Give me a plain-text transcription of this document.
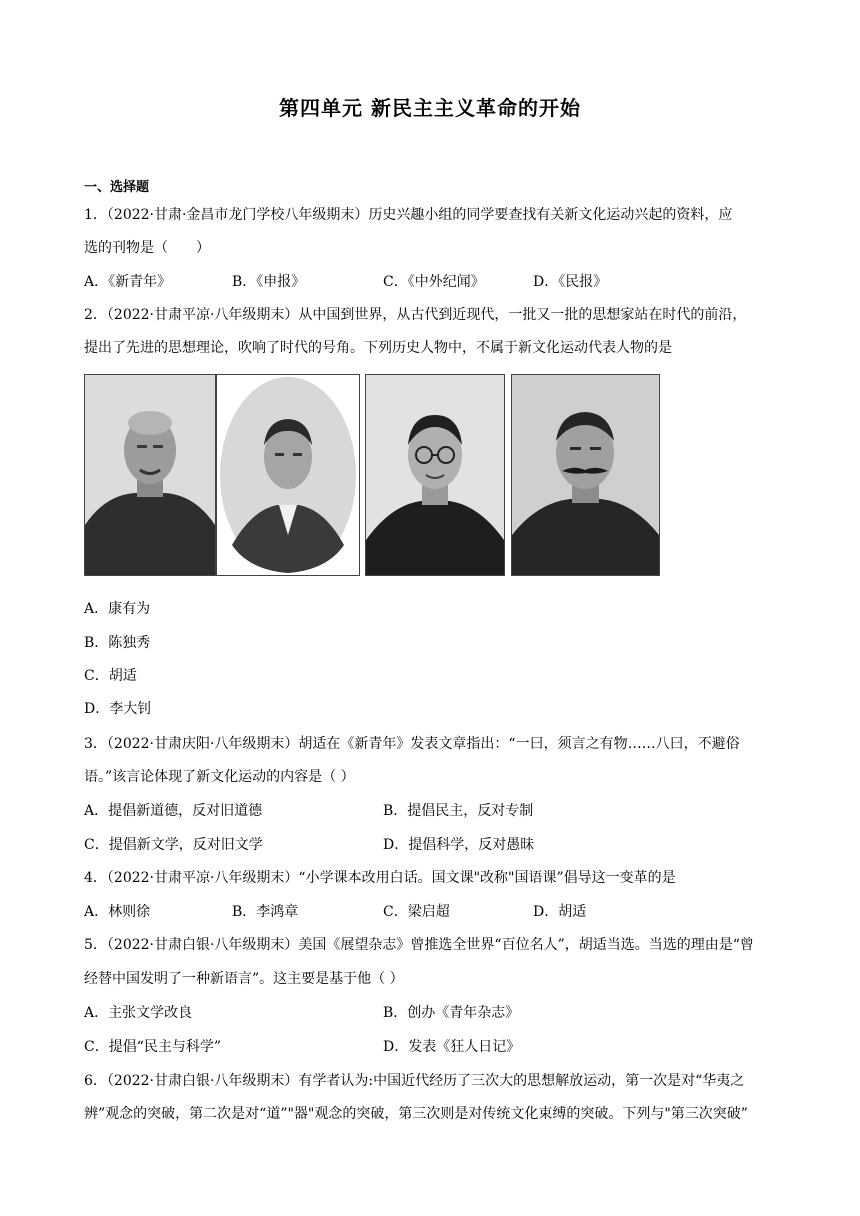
第四单元 新民主主义革命的开始
一、选择题
1．（2022·甘肃·金昌市龙门学校八年级期末）历史兴趣小组的同学要查找有关新文化运动兴起的资料，应
选的刊物是（　　）
A．《新青年》	B．《申报》	C．《中外纪闻》	D．《民报》
2．（2022·甘肃平凉·八年级期末）从中国到世界，从古代到近现代，一批又一批的思想家站在时代的前沿，
提出了先进的思想理论，吹响了时代的号角。下列历史人物中，不属于新文化运动代表人物的是
A．康有为
B．陈独秀
C．胡适
D．李大钊
3．（2022·甘肃庆阳·八年级期末）胡适在《新青年》发表文章指出：“一曰，须言之有物……八曰，不避俗
语。”该言论体现了新文化运动的内容是（ ）
A．提倡新道德，反对旧道德	B．提倡民主，反对专制
C．提倡新文学，反对旧文学	D．提倡科学，反对愚昧
4．（2022·甘肃平凉·八年级期末）“小学课本改用白话。国文课"改称"国语课”倡导这一变革的是
A．林则徐	B．李鸿章	C．梁启超	D．胡适
5．（2022·甘肃白银·八年级期末）美国《展望杂志》曾推选全世界“百位名人”，胡适当选。当选的理由是“曾
经替中国发明了一种新语言”。这主要是基于他（ ）
A．主张文学改良	B．创办《青年杂志》
C．提倡“民主与科学”	D．发表《狂人日记》
6．（2022·甘肃白银·八年级期末）有学者认为:中国近代经历了三次大的思想解放运动，第一次是对“华夷之
辨”观念的突破，第二次是对“道”"器"观念的突破，第三次则是对传统文化束缚的突破。下列与"第三次突破”
